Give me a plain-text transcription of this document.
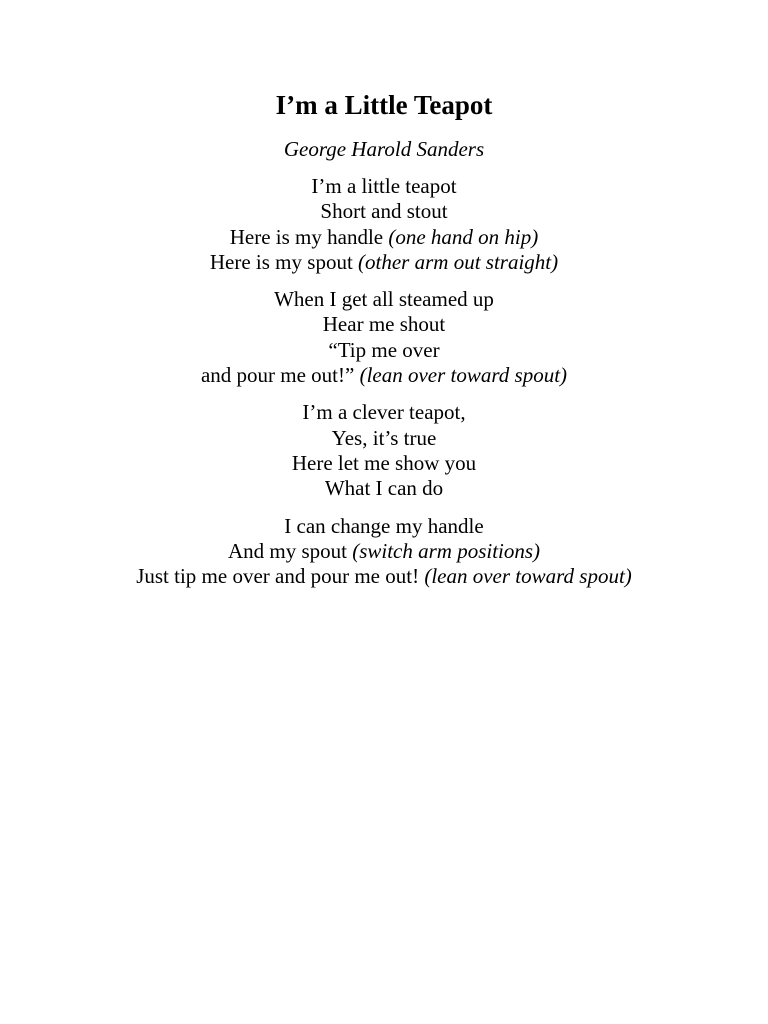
I’m a Little Teapot
George Harold Sanders
I’m a little teapot
Short and stout
Here is my handle (one hand on hip)
Here is my spout (other arm out straight)
When I get all steamed up
Hear me shout
“Tip me over
and pour me out!” (lean over toward spout)
I’m a clever teapot,
Yes, it’s true
Here let me show you
What I can do
I can change my handle
And my spout (switch arm positions)
Just tip me over and pour me out! (lean over toward spout)
